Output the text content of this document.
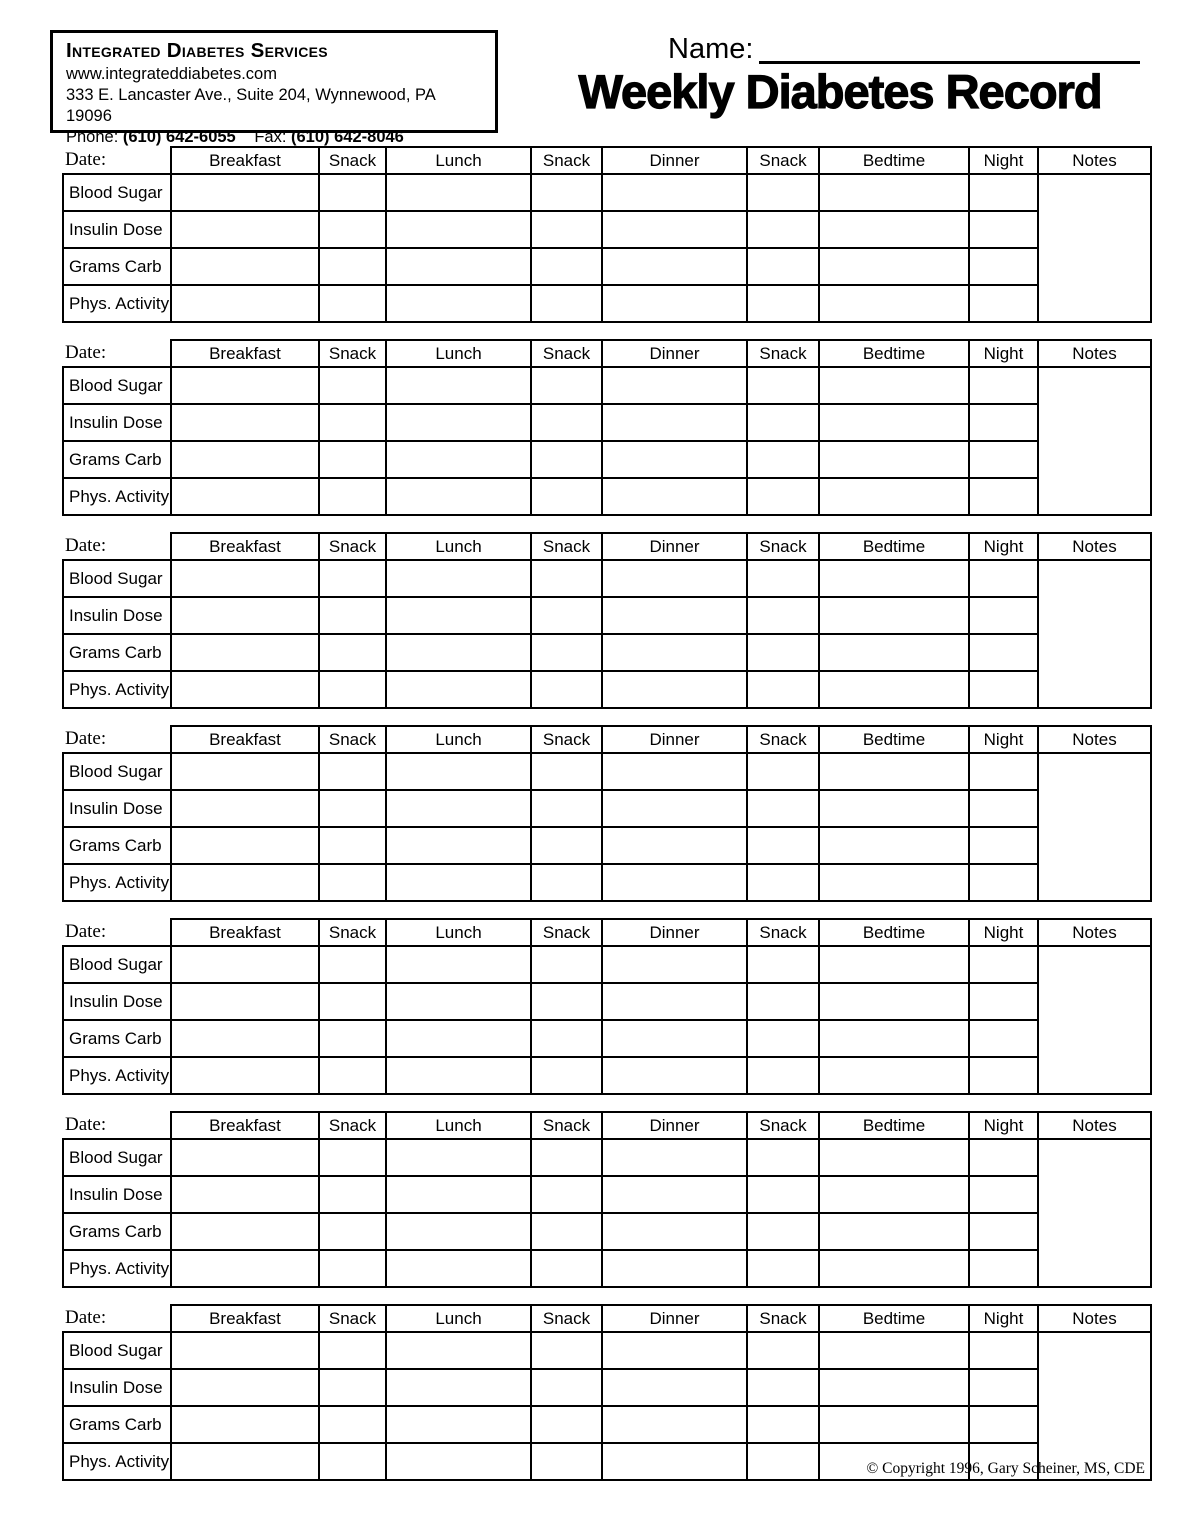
Integrated Diabetes Services
www.integrateddiabetes.com
333 E. Lancaster Ave., Suite 204, Wynnewood, PA 19096
Phone: (610) 642-6055 Fax: (610) 642-8046
Name:
Weekly Diabetes Record
Date:	Breakfast	Snack	Lunch	Snack	Dinner	Snack	Bedtime	Night	Notes
Blood Sugar									
Insulin Dose									
Grams Carb									
Phys. Activity									
Date:	Breakfast	Snack	Lunch	Snack	Dinner	Snack	Bedtime	Night	Notes
Blood Sugar									
Insulin Dose									
Grams Carb									
Phys. Activity									
Date:	Breakfast	Snack	Lunch	Snack	Dinner	Snack	Bedtime	Night	Notes
Blood Sugar									
Insulin Dose									
Grams Carb									
Phys. Activity									
Date:	Breakfast	Snack	Lunch	Snack	Dinner	Snack	Bedtime	Night	Notes
Blood Sugar									
Insulin Dose									
Grams Carb									
Phys. Activity									
Date:	Breakfast	Snack	Lunch	Snack	Dinner	Snack	Bedtime	Night	Notes
Blood Sugar									
Insulin Dose									
Grams Carb									
Phys. Activity									
Date:	Breakfast	Snack	Lunch	Snack	Dinner	Snack	Bedtime	Night	Notes
Blood Sugar									
Insulin Dose									
Grams Carb									
Phys. Activity									
Date:	Breakfast	Snack	Lunch	Snack	Dinner	Snack	Bedtime	Night	Notes
Blood Sugar									
Insulin Dose									
Grams Carb									
Phys. Activity										© Copyright 1996, Gary Scheiner, MS, CDE
